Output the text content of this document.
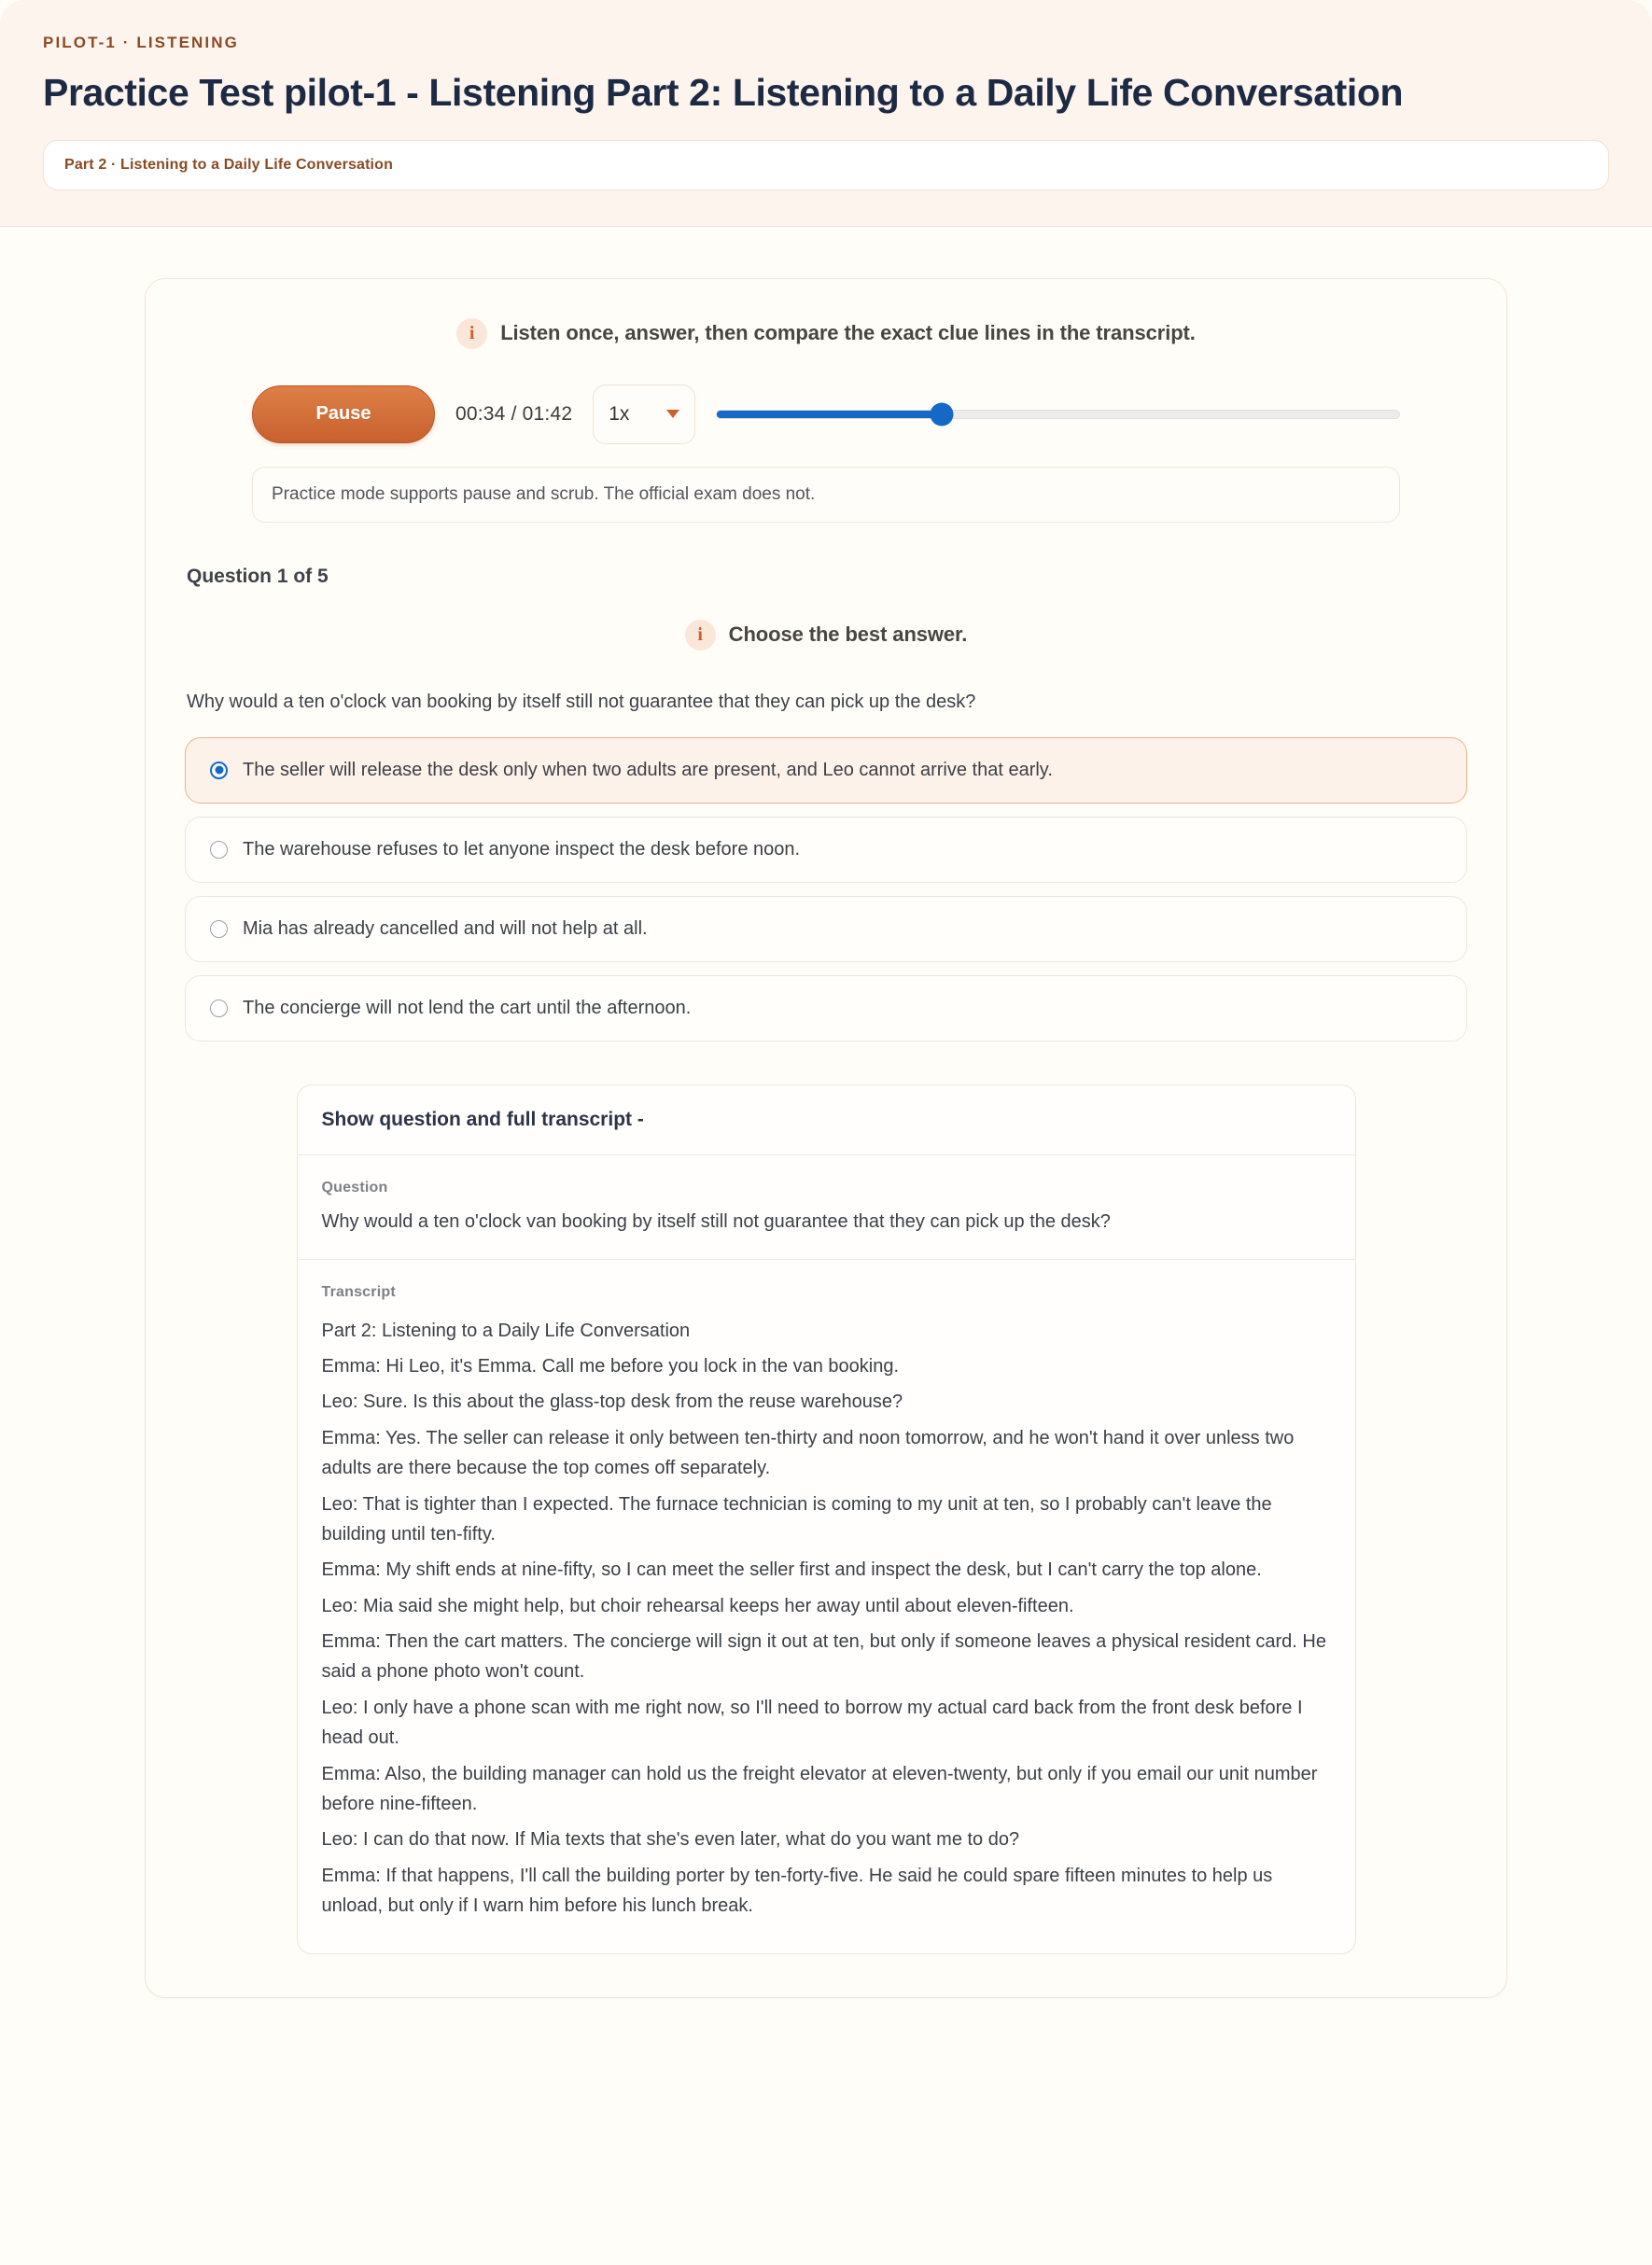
PILOT-1 · LISTENING
Practice Test pilot-1 - Listening Part 2: Listening to a Daily Life Conversation
Part 2 · Listening to a Daily Life Conversation
i	Listen once, answer, then compare the exact clue lines in the transcript.
Pause	00:34 / 01:42 1x
Practice mode supports pause and scrub. The official exam does not.
Question 1 of 5
i	Choose the best answer.
Why would a ten o'clock van booking by itself still not guarantee that they can pick up the desk?
The seller will release the desk only when two adults are present, and Leo cannot arrive that early.
The warehouse refuses to let anyone inspect the desk before noon.
Mia has already cancelled and will not help at all.
The concierge will not lend the cart until the afternoon.
Show question and full transcript -
Question
Why would a ten o'clock van booking by itself still not guarantee that they can pick up the desk?
Transcript

Part 2: Listening to a Daily Life Conversation

Emma: Hi Leo, it's Emma. Call me before you lock in the van booking.

Leo: Sure. Is this about the glass-top desk from the reuse warehouse?

Emma: Yes. The seller can release it only between ten-thirty and noon tomorrow, and he won't hand it over unless two adults are there because the top comes off separately.

Leo: That is tighter than I expected. The furnace technician is coming to my unit at ten, so I probably can't leave the building until ten-fifty.

Emma: My shift ends at nine-fifty, so I can meet the seller first and inspect the desk, but I can't carry the top alone.

Leo: Mia said she might help, but choir rehearsal keeps her away until about eleven-fifteen.

Emma: Then the cart matters. The concierge will sign it out at ten, but only if someone leaves a physical resident card. He said a phone photo won't count.

Leo: I only have a phone scan with me right now, so I'll need to borrow my actual card back from the front desk before I head out.

Emma: Also, the building manager can hold us the freight elevator at eleven-twenty, but only if you email our unit number before nine-fifteen.

Leo: I can do that now. If Mia texts that she's even later, what do you want me to do?

Emma: If that happens, I'll call the building porter by ten-forty-five. He said he could spare fifteen minutes to help us unload, but only if I warn him before his lunch break.
